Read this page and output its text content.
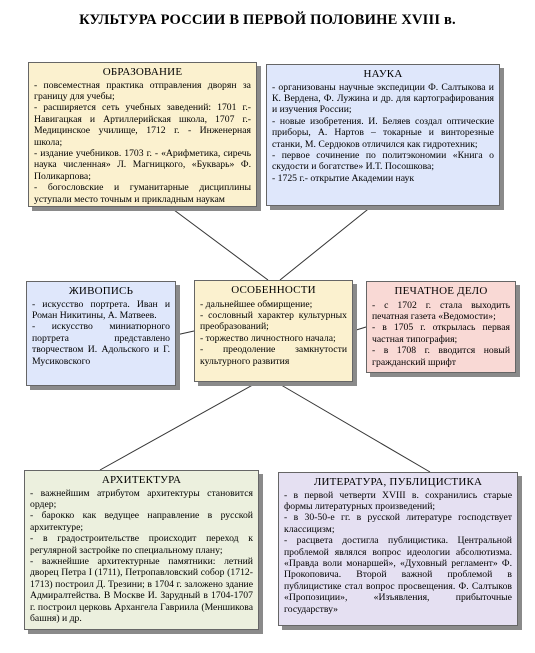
КУЛЬТУРА РОССИИ В ПЕРВОЙ ПОЛОВИНЕ XVIII в.
ОБРАЗОВАНИЕ

- повсеместная практика отправления дворян за границу для учебы;

- расширяется сеть учебных заведений: 1701 г.- Навигацкая и Артиллерийская школа, 1707 г.- Медицинское училище, 1712 г. - Инженерная школа;

- издание учебников. 1703 г. - «Арифметика, сиречь наука численная» Л. Магницкого, «Букварь» Ф. Поликарпова;

- богословские и гуманитарные дисциплины уступали место точным и прикладным наукам

НАУКА

- организованы научные экспедиции Ф. Салтыкова и К. Вердена, Ф. Лужина и др. для картографирования и изучения России;

- новые изобретения. И. Беляев создал оптические приборы, А. Нартов – токарные и винторезные станки, М. Сердюков отличился как гидротехник;

- первое сочинение по политэкономии «Книга о скудости и богатстве» И.Т. Посошкова;

- 1725 г.- открытие Академии наук

ЖИВОПИСЬ

- искусство портрета. Иван и Роман Никитины, А. Матвеев.

- искусство миниатюрного портрета представлено творчеством И. Адольского и Г. Мусиковского

ОСОБЕННОСТИ

- дальнейшее обмирщение;

- сословный характер культурных преобразований;

- торжество личностного начала;

- преодоление замкнутости культурного развития

ПЕЧАТНОЕ ДЕЛО

- с 1702 г. стала выходить печатная газета «Ведомости»;

- в 1705 г. открылась первая частная типография;

- в 1708 г. вводится новый гражданский шрифт

АРХИТЕКТУРА

- важнейшим атрибутом архитектуры становится ордер;

- барокко как ведущее направление в русской архитектуре;

- в градостроительстве происходит переход к регулярной застройке по специальному плану;

- важнейшие архитектурные памятники: летний дворец Петра I (1711), Петропавловский собор (1712-1713) построил Д. Трезини; в 1704 г. заложено здание Адмиралтейства. В Москве И. Зарудный в 1704-1707 г. построил церковь Архангела Гавриила (Меншикова башня) и др.

ЛИТЕРАТУРА, ПУБЛИЦИСТИКА

- в первой четверти XVIII в. сохранились старые формы литературных произведений;

- в 30-50-е гг. в русской литературе господствует классицизм;

- расцвета достигла публицистика. Центральной проблемой являлся вопрос идеологии абсолютизма. «Правда воли монаршей», «Духовный регламент» Ф. Прокоповича. Второй важной проблемой в публицистике стал вопрос просвещения. Ф. Салтыков «Пропозиции», «Изъявления, прибыточные государству»
